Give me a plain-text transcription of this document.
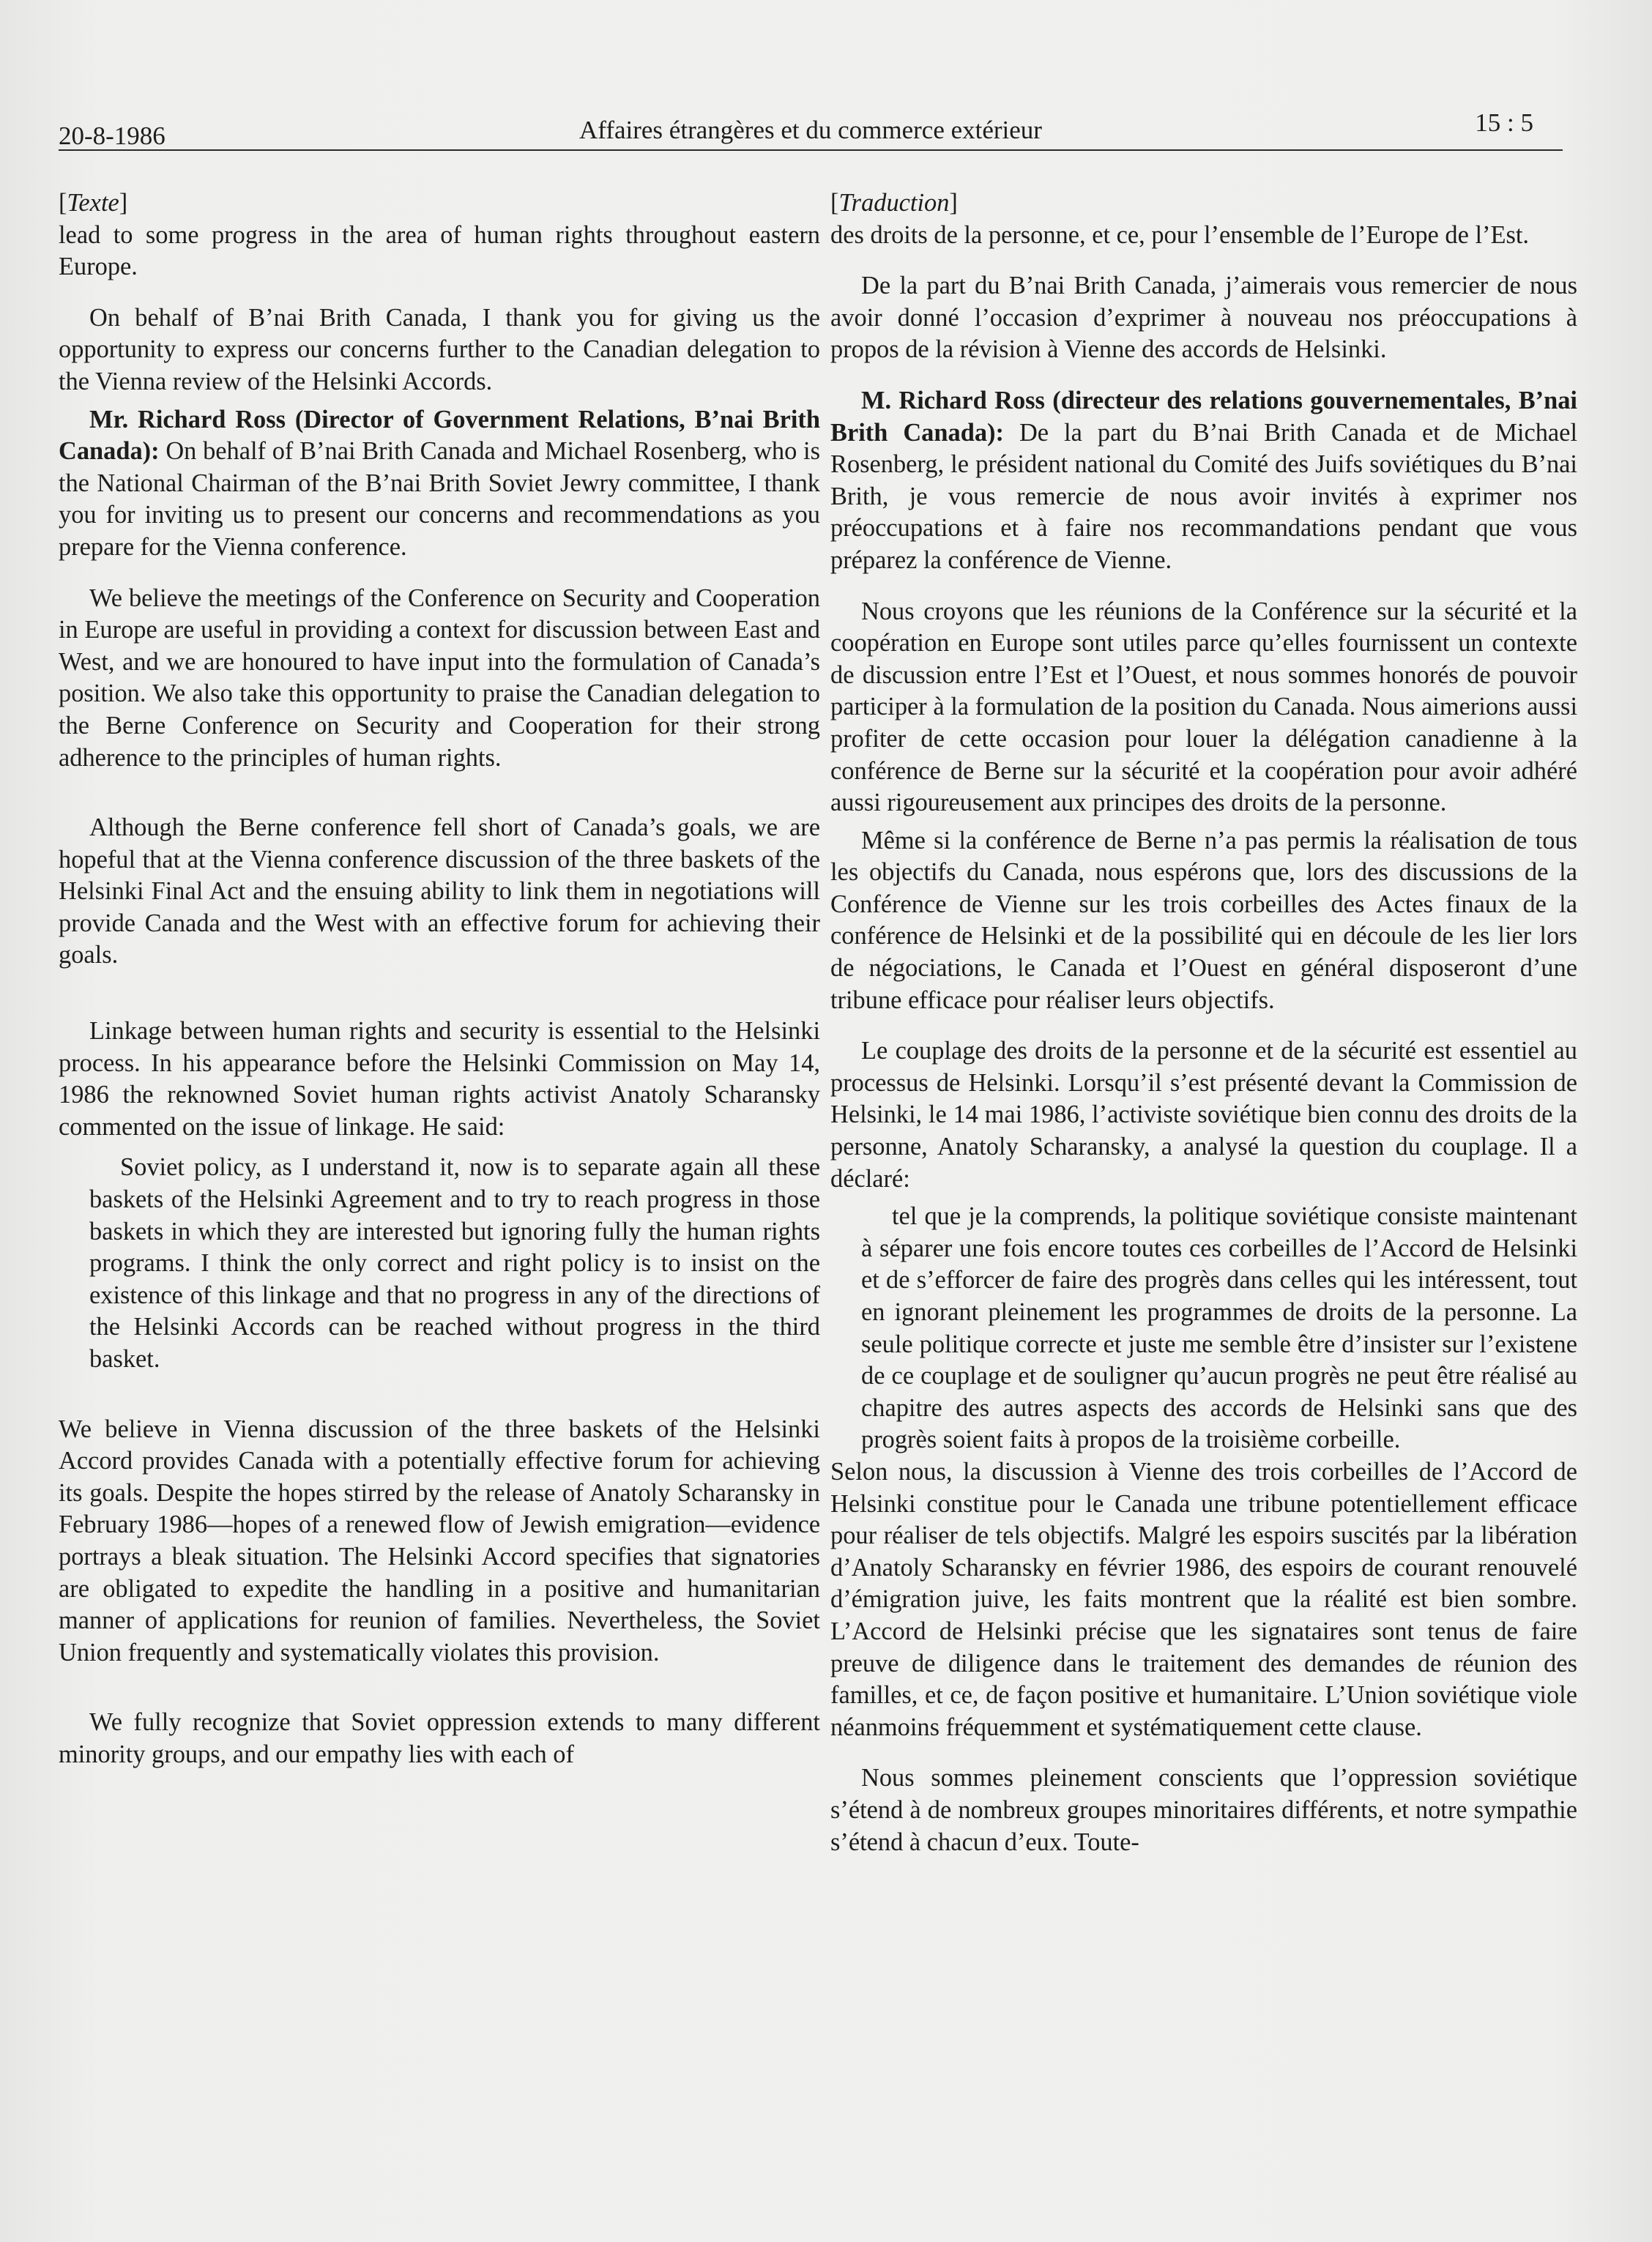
20-8-1986	Affaires étrangères et du commerce extérieur	15 : 5

[Texte]

lead to some progress in the area of human rights throughout eastern Europe.

On behalf of B’nai Brith Canada, I thank you for giving us the opportunity to express our concerns further to the Canadian delegation to the Vienna review of the Helsinki Accords.

Mr. Richard Ross (Director of Government Relations, B’nai Brith Canada): On behalf of B’nai Brith Canada and Michael Rosenberg, who is the National Chairman of the B’nai Brith Soviet Jewry committee, I thank you for inviting us to present our concerns and recommendations as you prepare for the Vienna conference.

We believe the meetings of the Conference on Security and Cooperation in Europe are useful in providing a context for discussion between East and West, and we are honoured to have input into the formulation of Canada’s position. We also take this opportunity to praise the Canadian delegation to the Berne Conference on Security and Cooperation for their strong adherence to the principles of human rights.

Although the Berne conference fell short of Canada’s goals, we are hopeful that at the Vienna conference discussion of the three baskets of the Helsinki Final Act and the ensuing ability to link them in negotiations will provide Canada and the West with an effective forum for achieving their goals.

Linkage between human rights and security is essential to the Helsinki process. In his appearance before the Helsinki Commission on May 14, 1986 the reknowned Soviet human rights activist Anatoly Scharansky commented on the issue of linkage. He said:

Soviet policy, as I understand it, now is to separate again all these baskets of the Helsinki Agreement and to try to reach progress in those baskets in which they are interested but ignoring fully the human rights programs. I think the only correct and right policy is to insist on the existence of this linkage and that no progress in any of the directions of the Helsinki Accords can be reached without progress in the third basket.

We believe in Vienna discussion of the three baskets of the Helsinki Accord provides Canada with a potentially effective forum for achieving its goals. Despite the hopes stirred by the release of Anatoly Scharansky in February 1986—hopes of a renewed flow of Jewish emigration—evidence portrays a bleak situation. The Helsinki Accord specifies that signatories are obligated to expedite the handling in a positive and humanitarian manner of applications for reunion of families. Nevertheless, the Soviet Union frequently and systematically violates this provision.

We fully recognize that Soviet oppression extends to many different minority groups, and our empathy lies with each of

[Traduction]

des droits de la personne, et ce, pour l’ensemble de l’Europe de l’Est.

De la part du B’nai Brith Canada, j’aimerais vous remercier de nous avoir donné l’occasion d’exprimer à nouveau nos préoccupations à propos de la révision à Vienne des accords de Helsinki.

M. Richard Ross (directeur des relations gouvernementales, B’nai Brith Canada): De la part du B’nai Brith Canada et de Michael Rosenberg, le président national du Comité des Juifs soviétiques du B’nai Brith, je vous remercie de nous avoir invités à exprimer nos préoccupations et à faire nos recommandations pendant que vous préparez la conférence de Vienne.

Nous croyons que les réunions de la Conférence sur la sécurité et la coopération en Europe sont utiles parce qu’elles fournissent un contexte de discussion entre l’Est et l’Ouest, et nous sommes honorés de pouvoir participer à la formulation de la position du Canada. Nous aimerions aussi profiter de cette occasion pour louer la délégation canadienne à la conférence de Berne sur la sécurité et la coopération pour avoir adhéré aussi rigoureusement aux principes des droits de la personne.

Même si la conférence de Berne n’a pas permis la réalisation de tous les objectifs du Canada, nous espérons que, lors des discussions de la Conférence de Vienne sur les trois corbeilles des Actes finaux de la conférence de Helsinki et de la possibilité qui en découle de les lier lors de négociations, le Canada et l’Ouest en général disposeront d’une tribune efficace pour réaliser leurs objectifs.

Le couplage des droits de la personne et de la sécurité est essentiel au processus de Helsinki. Lorsqu’il s’est présenté devant la Commission de Helsinki, le 14 mai 1986, l’activiste soviétique bien connu des droits de la personne, Anatoly Scharansky, a analysé la question du couplage. Il a déclaré:

tel que je la comprends, la politique soviétique consiste maintenant à séparer une fois encore toutes ces corbeilles de l’Accord de Helsinki et de s’efforcer de faire des progrès dans celles qui les intéressent, tout en ignorant pleinement les programmes de droits de la personne. La seule politique correcte et juste me semble être d’insister sur l’existene de ce couplage et de souligner qu’aucun progrès ne peut être réalisé au chapitre des autres aspects des accords de Helsinki sans que des progrès soient faits à propos de la troisième corbeille.

Selon nous, la discussion à Vienne des trois corbeilles de l’Accord de Helsinki constitue pour le Canada une tribune potentiellement efficace pour réaliser de tels objectifs. Malgré les espoirs suscités par la libération d’Anatoly Scharansky en février 1986, des espoirs de courant renouvelé d’émigration juive, les faits montrent que la réalité est bien sombre. L’Accord de Helsinki précise que les signataires sont tenus de faire preuve de diligence dans le traitement des demandes de réunion des familles, et ce, de façon positive et humanitaire. L’Union soviétique viole néanmoins fréquemment et systématiquement cette clause.

Nous sommes pleinement conscients que l’oppression soviétique s’étend à de nombreux groupes minoritaires différents, et notre sympathie s’étend à chacun d’eux. Toute-
